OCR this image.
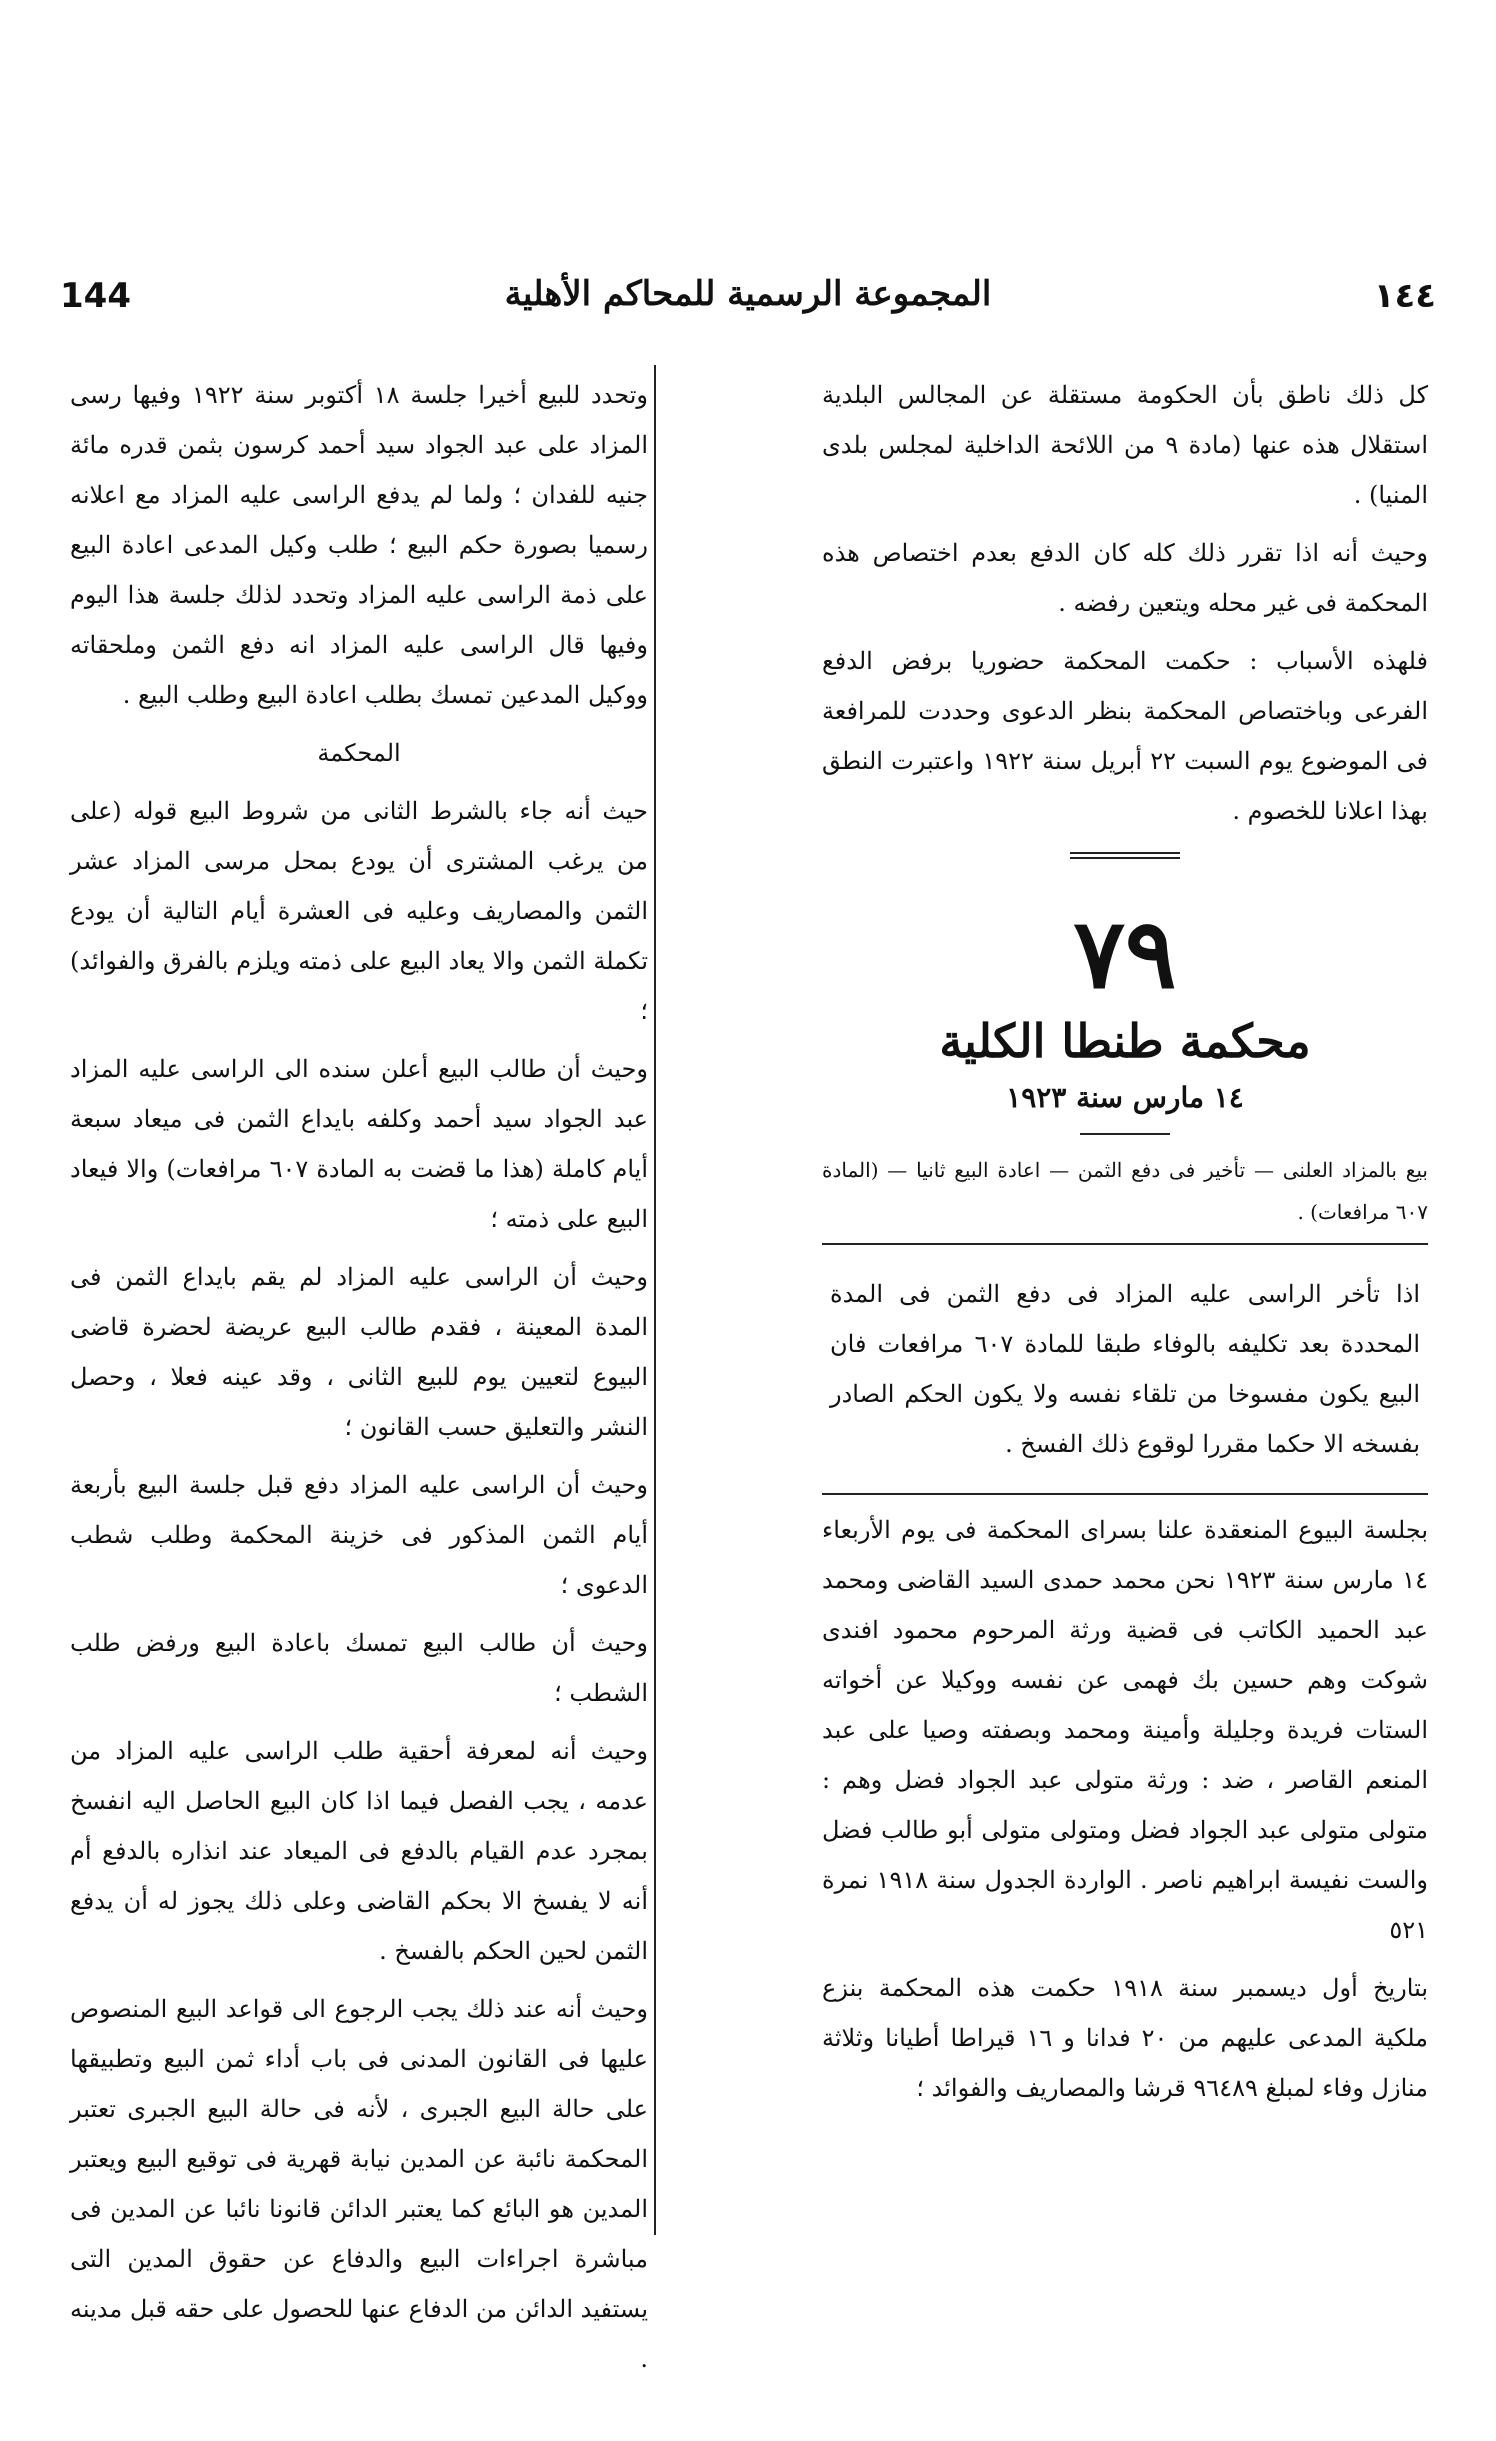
144	المجموعة الرسمية للمحاكم الأهلية	١٤٤

كل ذلك ناطق بأن الحكومة مستقلة عن المجالس البلدية استقلال هذه عنها (مادة ٩ من اللائحة الداخلية لمجلس بلدى المنيا) .

وحيث أنه اذا تقرر ذلك كله كان الدفع بعدم اختصاص هذه المحكمة فى غير محله ويتعين رفضه .

فلهذه الأسباب : حكمت المحكمة حضوريا برفض الدفع الفرعى وباختصاص المحكمة بنظر الدعوى وحددت للمرافعة فى الموضوع يوم السبت ٢٢ أبريل سنة ١٩٢٢ واعتبرت النطق بهذا اعلانا للخصوم .

٧٩
محكمة طنطا الكلية
١٤ مارس سنة ١٩٢٣
بيع بالمزاد العلنى — تأخير فى دفع الثمن — اعادة البيع ثانيا — (المادة ٦٠٧ مرافعات) .
اذا تأخر الراسى عليه المزاد فى دفع الثمن فى المدة المحددة بعد تكليفه بالوفاء طبقا للمادة ٦٠٧ مرافعات فان البيع يكون مفسوخا من تلقاء نفسه ولا يكون الحكم الصادر بفسخه الا حكما مقررا لوقوع ذلك الفسخ .

بجلسة البيوع المنعقدة علنا بسراى المحكمة فى يوم الأربعاء ١٤ مارس سنة ١٩٢٣ نحن محمد حمدى السيد القاضى ومحمد عبد الحميد الكاتب فى قضية ورثة المرحوم محمود افندى شوكت وهم حسين بك فهمى عن نفسه ووكيلا عن أخواته الستات فريدة وجليلة وأمينة ومحمد وبصفته وصيا على عبد المنعم القاصر ، ضد : ورثة متولى عبد الجواد فضل وهم : متولى متولى عبد الجواد فضل ومتولى متولى أبو طالب فضل والست نفيسة ابراهيم ناصر . الواردة الجدول سنة ١٩١٨ نمرة ٥٢١

بتاريخ أول ديسمبر سنة ١٩١٨ حكمت هذه المحكمة بنزع ملكية المدعى عليهم من ٢٠ فدانا و ١٦ قيراطا أطيانا وثلاثة منازل وفاء لمبلغ ٩٦٤٨٩ قرشا والمصاريف والفوائد ؛

وتحدد للبيع أخيرا جلسة ١٨ أكتوبر سنة ١٩٢٢ وفيها رسى المزاد على عبد الجواد سيد أحمد كرسون بثمن قدره مائة جنيه للفدان ؛ ولما لم يدفع الراسى عليه المزاد مع اعلانه رسميا بصورة حكم البيع ؛ طلب وكيل المدعى اعادة البيع على ذمة الراسى عليه المزاد وتحدد لذلك جلسة هذا اليوم وفيها قال الراسى عليه المزاد انه دفع الثمن وملحقاته ووكيل المدعين تمسك بطلب اعادة البيع وطلب البيع .

المحكمة

حيث أنه جاء بالشرط الثانى من شروط البيع قوله (على من يرغب المشترى أن يودع بمحل مرسى المزاد عشر الثمن والمصاريف وعليه فى العشرة أيام التالية أن يودع تكملة الثمن والا يعاد البيع على ذمته ويلزم بالفرق والفوائد) ؛

وحيث أن طالب البيع أعلن سنده الى الراسى عليه المزاد عبد الجواد سيد أحمد وكلفه بايداع الثمن فى ميعاد سبعة أيام كاملة (هذا ما قضت به المادة ٦٠٧ مرافعات) والا فيعاد البيع على ذمته ؛

وحيث أن الراسى عليه المزاد لم يقم بايداع الثمن فى المدة المعينة ، فقدم طالب البيع عريضة لحضرة قاضى البيوع لتعيين يوم للبيع الثانى ، وقد عينه فعلا ، وحصل النشر والتعليق حسب القانون ؛

وحيث أن الراسى عليه المزاد دفع قبل جلسة البيع بأربعة أيام الثمن المذكور فى خزينة المحكمة وطلب شطب الدعوى ؛

وحيث أن طالب البيع تمسك باعادة البيع ورفض طلب الشطب ؛

وحيث أنه لمعرفة أحقية طلب الراسى عليه المزاد من عدمه ، يجب الفصل فيما اذا كان البيع الحاصل اليه انفسخ بمجرد عدم القيام بالدفع فى الميعاد عند انذاره بالدفع أم أنه لا يفسخ الا بحكم القاضى وعلى ذلك يجوز له أن يدفع الثمن لحين الحكم بالفسخ .

وحيث أنه عند ذلك يجب الرجوع الى قواعد البيع المنصوص عليها فى القانون المدنى فى باب أداء ثمن البيع وتطبيقها على حالة البيع الجبرى ، لأنه فى حالة البيع الجبرى تعتبر المحكمة نائبة عن المدين نيابة قهرية فى توقيع البيع ويعتبر المدين هو البائع كما يعتبر الدائن قانونا نائبا عن المدين فى مباشرة اجراءات البيع والدفاع عن حقوق المدين التى يستفيد الدائن من الدفاع عنها للحصول على حقه قبل مدينه .
